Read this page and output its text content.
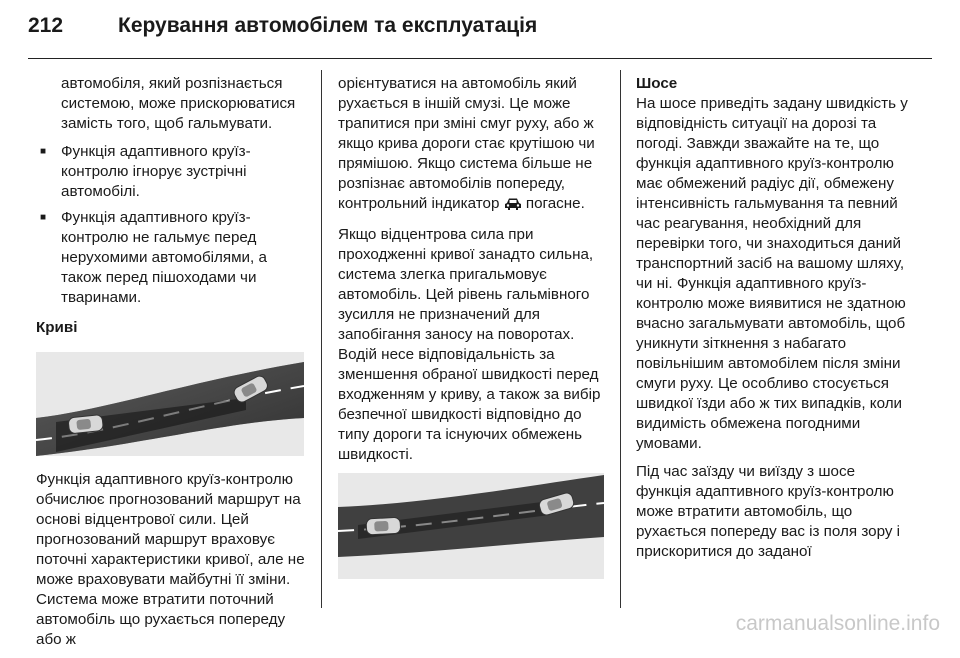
212	Керування автомобілем та експлуатація

автомобіля, який розпізнається системою, може прискорюватися замість того, щоб гальмувати.

■ Функція адаптивного круїз-контролю ігнорує зустрічні автомобілі.
■ Функція адаптивного круїз-контролю не гальмує перед нерухомими автомобілями, а також перед пішоходами чи тваринами.
Криві

Функція адаптивного круїз-контролю обчислює прогнозований маршрут на основі відцентрової сили. Цей прогнозований маршрут враховує поточні характеристики кривої, але не може враховувати майбутні її зміни. Система може втратити поточний автомобіль що рухається попереду або ж

орієнтуватися на автомобіль який рухається в іншій смузі. Це може трапитися при зміні смуг руху, або ж якщо крива дороги стає крутішою чи прямішою. Якщо система більше не розпізнає автомобілів попереду, контрольний індикатор  погасне.

Якщо відцентрова сила при проходженні кривої занадто сильна, система злегка пригальмовує автомобіль. Цей рівень гальмівного зусилля не призначений для запобігання заносу на поворотах. Водій несе відповідальність за зменшення обраної швидкості перед входженням у криву, а також за вибір безпечної швидкості відповідно до типу дороги та існуючих обмежень швидкості.

Шосе

На шосе приведіть задану швидкість у відповідність ситуації на дорозі та погоді. Завжди зважайте на те, що функція адаптивного круїз-контролю має обмежений радіус дії, обмежену інтенсивність гальмування та певний час реагування, необхідний для перевірки того, чи знаходиться даний транспортний засіб на вашому шляху, чи ні. Функція адаптивного круїз-контролю може виявитися не здатною вчасно загальмувати автомобіль, щоб уникнути зіткнення з набагато повільнішим автомобілем після зміни смуги руху. Це особливо стосується швидкої їзди або ж тих випадків, коли видимість обмежена погодними умовами.

Під час заїзду чи виїзду з шосе функція адаптивного круїз-контролю може втратити автомобіль, що рухається попереду вас із поля зору і прискоритися до заданої

carmanualsonline.info
